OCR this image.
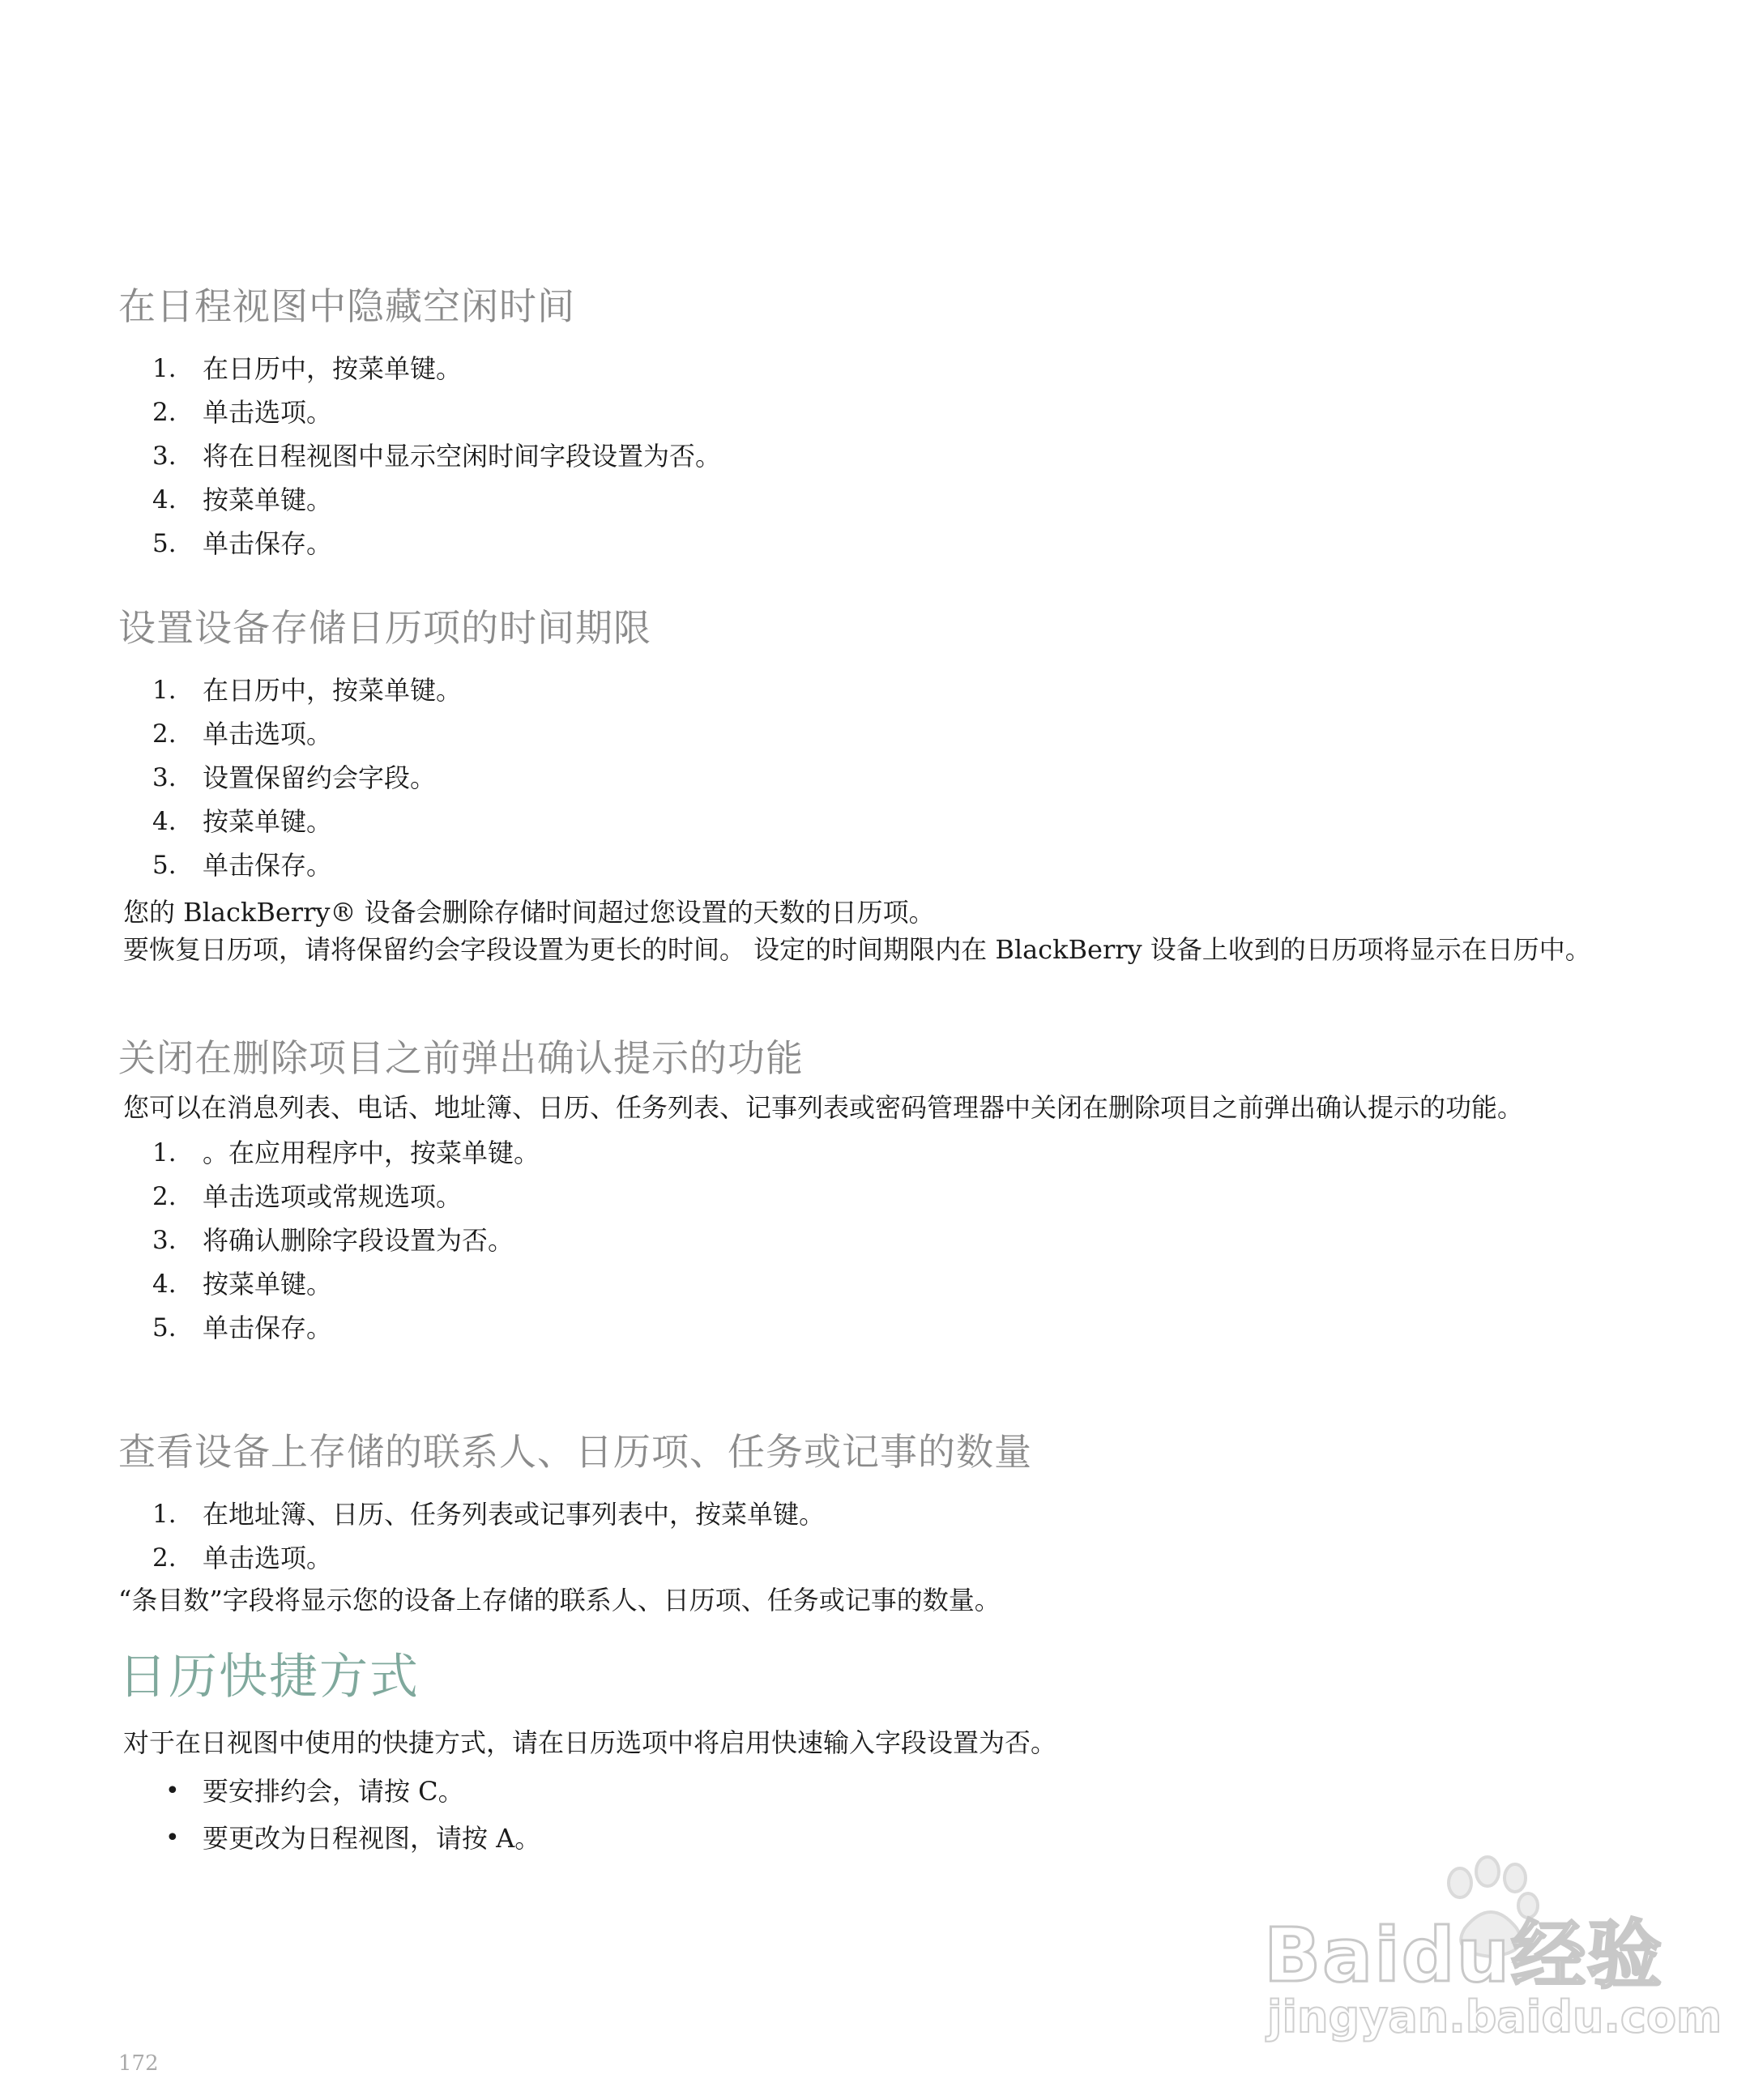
在日程视图中隐藏空闲时间
1.	在日历中，按菜单键。
2.	单击选项。
3.	将在日程视图中显示空闲时间字段设置为否。
4.	按菜单键。
5.	单击保存。
设置设备存储日历项的时间期限
1.	在日历中，按菜单键。
2.	单击选项。
3.	设置保留约会字段。
4.	按菜单键。
5.	单击保存。

您的 BlackBerry® 设备会删除存储时间超过您设置的天数的日历项。

要恢复日历项，请将保留约会字段设置为更长的时间。 设定的时间期限内在 BlackBerry 设备上收到的日历项将显示在日历中。

关闭在删除项目之前弹出确认提示的功能

您可以在消息列表、电话、地址簿、日历、任务列表、记事列表或密码管理器中关闭在删除项目之前弹出确认提示的功能。

1.	。在应用程序中，按菜单键。
2.	单击选项或常规选项。
3.	将确认删除字段设置为否。
4.	按菜单键。
5.	单击保存。
查看设备上存储的联系人、日历项、任务或记事的数量
1.	在地址簿、日历、任务列表或记事列表中，按菜单键。
2.	单击选项。

“条目数”字段将显示您的设备上存储的联系人、日历项、任务或记事的数量。

日历快捷方式

对于在日视图中使用的快捷方式，请在日历选项中将启用快速输入字段设置为否。

• 要安排约会，请按 C。
• 要更改为日程视图，请按 A。
172
Baidu经验
jingyan.baidu.com
